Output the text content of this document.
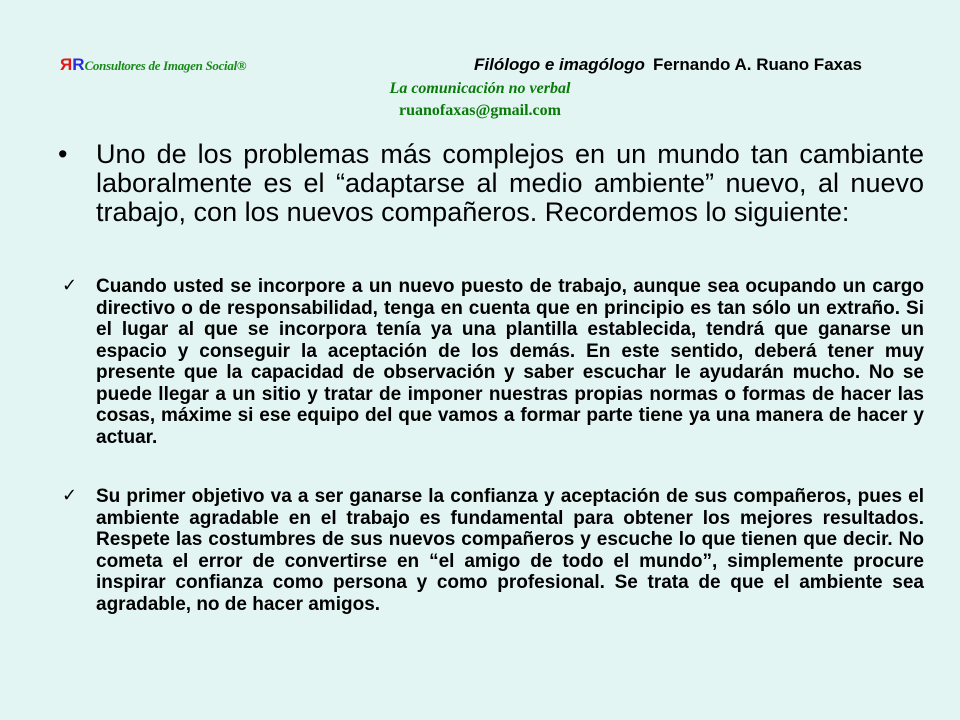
RRConsultores de Imagen Social®	Filólogo e imagólogo Fernando A. Ruano Faxas
La comunicación no verbal
ruanofaxas@gmail.com
• Uno de los problemas más complejos en un mundo tan cambiante laboralmente es el “adaptarse al medio ambiente” nuevo, al nuevo trabajo, con los nuevos compañeros. Recordemos lo siguiente:
✓ Cuando usted se incorpore a un nuevo puesto de trabajo, aunque sea ocupando un cargo directivo o de responsabilidad, tenga en cuenta que en principio es tan sólo un extraño. Si el lugar al que se incorpora tenía ya una plantilla establecida, tendrá que ganarse un espacio y conseguir la aceptación de los demás. En este sentido, deberá tener muy presente que la capacidad de observación y saber escuchar le ayudarán mucho. No se puede llegar a un sitio y tratar de imponer nuestras propias normas o formas de hacer las cosas, máxime si ese equipo del que vamos a formar parte tiene ya una manera de hacer y actuar.
✓ Su primer objetivo va a ser ganarse la confianza y aceptación de sus compañeros, pues el ambiente agradable en el trabajo es fundamental para obtener los mejores resultados. Respete las costumbres de sus nuevos compañeros y escuche lo que tienen que decir. No cometa el error de convertirse en “el amigo de todo el mundo”, simplemente procure inspirar confianza como persona y como profesional. Se trata de que el ambiente sea agradable, no de hacer amigos.
